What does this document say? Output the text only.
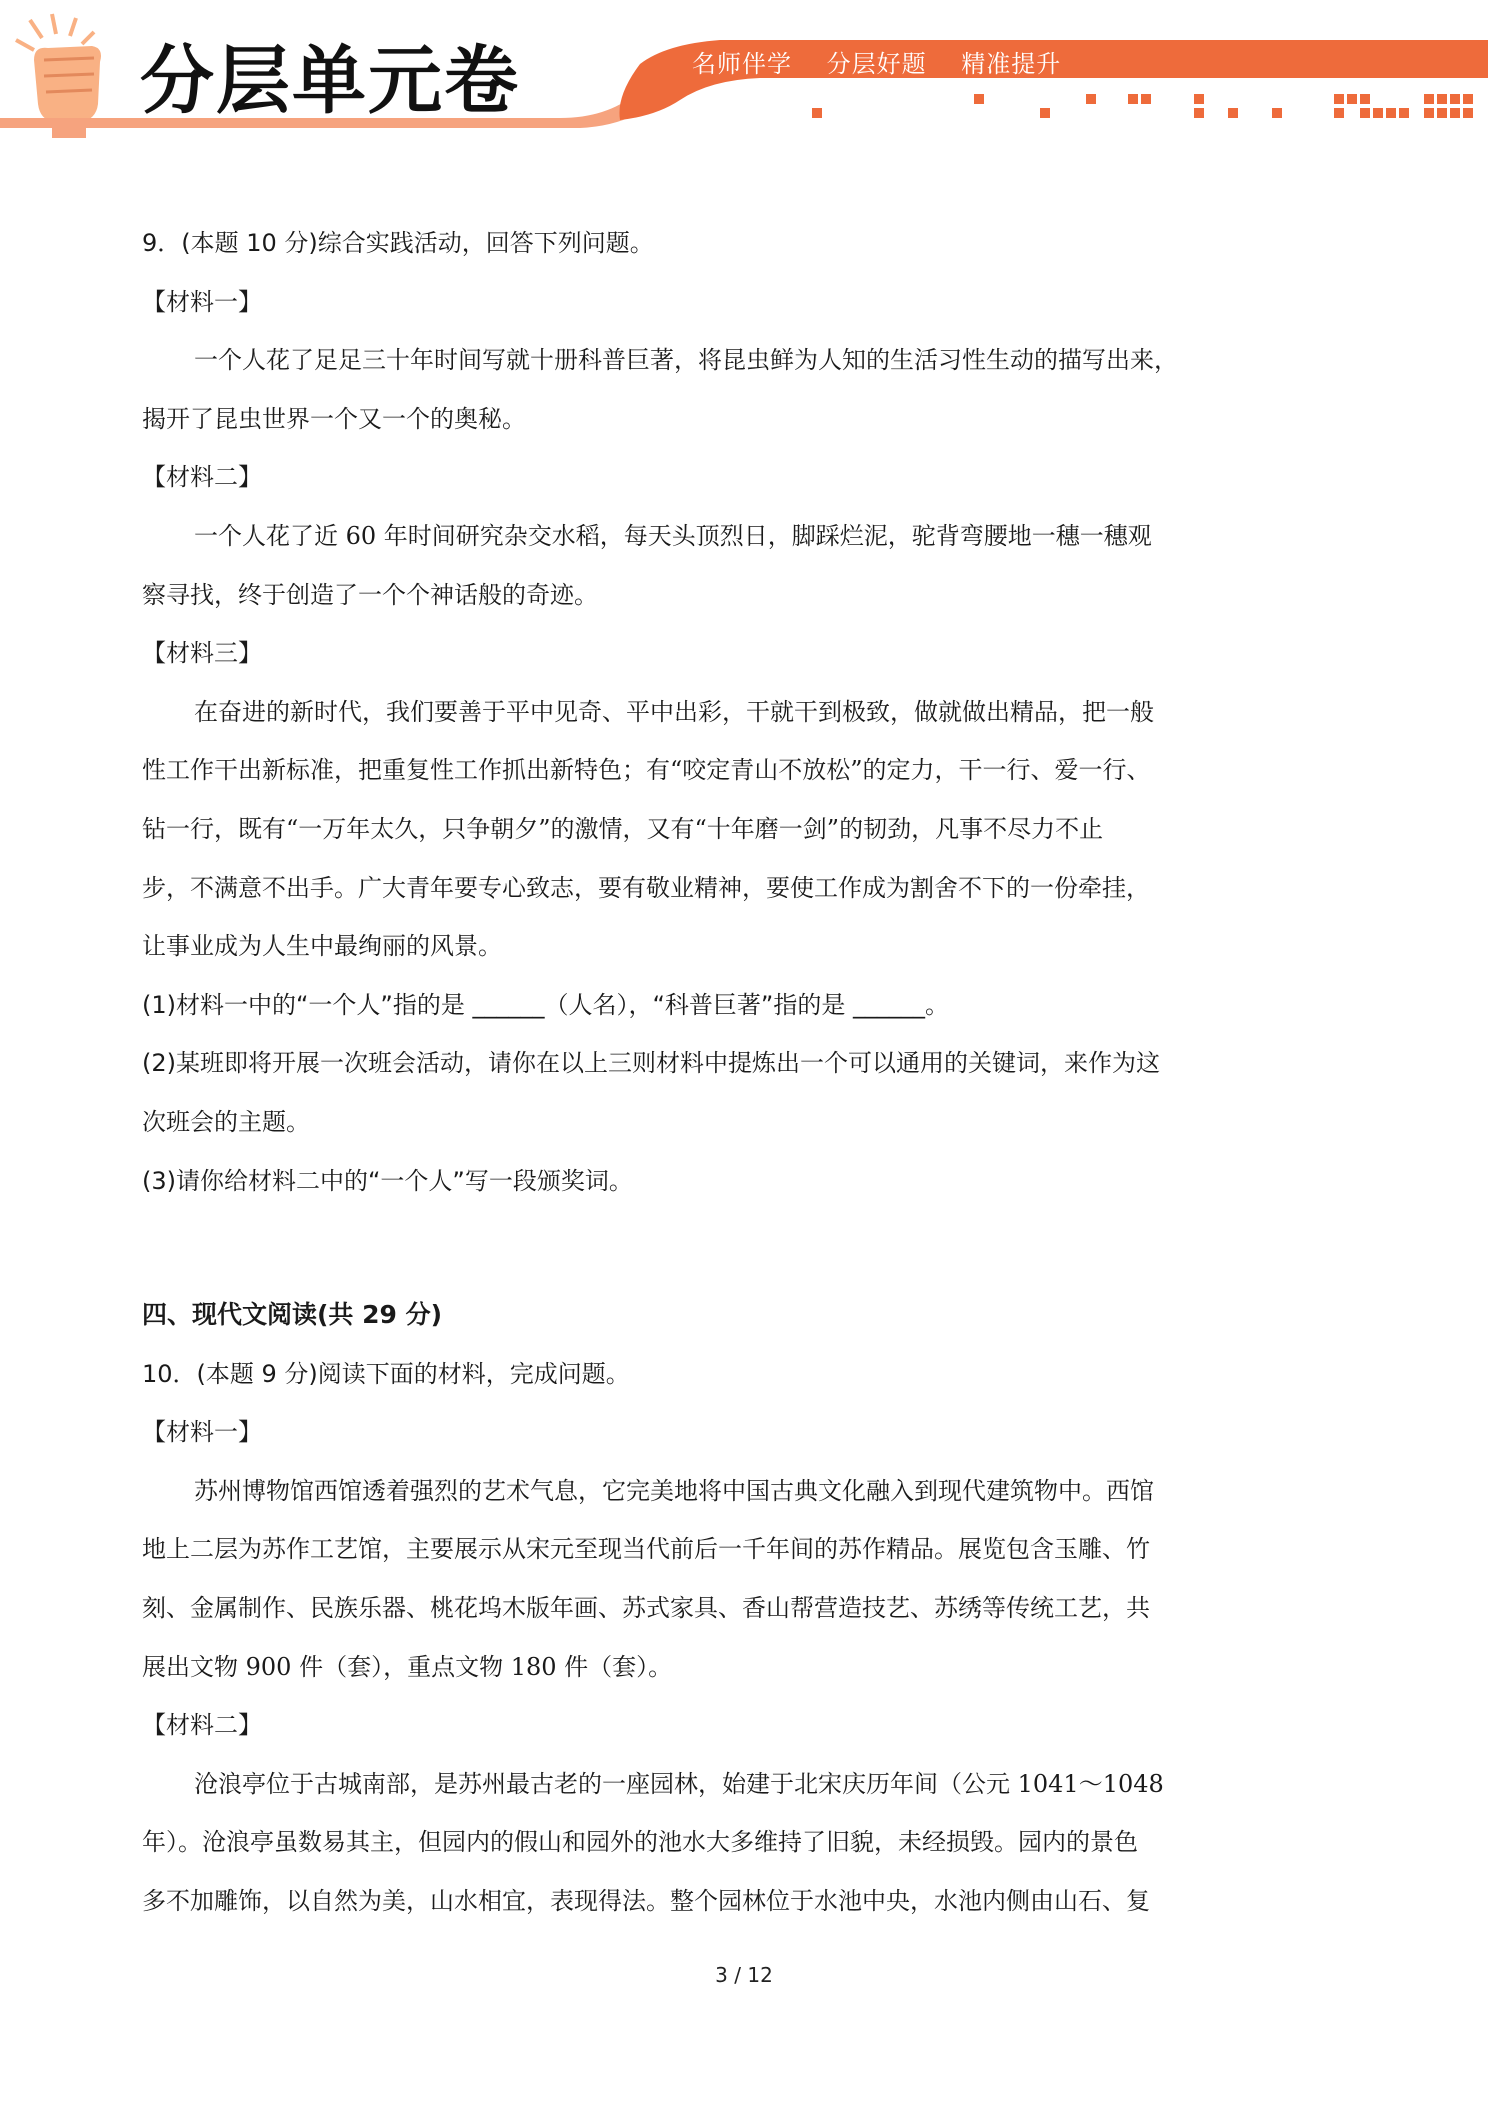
分层单元卷	名师伴学 分层好题 精准提升
9．(本题 10 分)综合实践活动，回答下列问题。
【材料一】
一个人花了足足三十年时间写就十册科普巨著，将昆虫鲜为人知的生活习性生动的描写出来，
揭开了昆虫世界一个又一个的奥秘。
【材料二】
一个人花了近 60 年时间研究杂交水稻，每天头顶烈日，脚踩烂泥，驼背弯腰地一穗一穗观
察寻找，终于创造了一个个神话般的奇迹。
【材料三】
在奋进的新时代，我们要善于平中见奇、平中出彩，干就干到极致，做就做出精品，把一般
性工作干出新标准，把重复性工作抓出新特色；有“咬定青山不放松”的定力，干一行、爱一行、
钻一行，既有“一万年太久，只争朝夕”的激情，又有“十年磨一剑”的韧劲，凡事不尽力不止
步，不满意不出手。广大青年要专心致志，要有敬业精神，要使工作成为割舍不下的一份牵挂，
让事业成为人生中最绚丽的风景。
(1)材料一中的“一个人”指的是 ______（人名），“科普巨著”指的是 ______。
(2)某班即将开展一次班会活动，请你在以上三则材料中提炼出一个可以通用的关键词，来作为这
次班会的主题。
(3)请你给材料二中的“一个人”写一段颁奖词。
四、现代文阅读(共 29 分)
10．(本题 9 分)阅读下面的材料，完成问题。
【材料一】
苏州博物馆西馆透着强烈的艺术气息，它完美地将中国古典文化融入到现代建筑物中。西馆
地上二层为苏作工艺馆，主要展示从宋元至现当代前后一千年间的苏作精品。展览包含玉雕、竹
刻、金属制作、民族乐器、桃花坞木版年画、苏式家具、香山帮营造技艺、苏绣等传统工艺，共
展出文物 900 件（套），重点文物 180 件（套）。
【材料二】
沧浪亭位于古城南部，是苏州最古老的一座园林，始建于北宋庆历年间（公元 1041～1048
年）。沧浪亭虽数易其主，但园内的假山和园外的池水大多维持了旧貌，未经损毁。园内的景色
多不加雕饰，以自然为美，山水相宜，表现得法。整个园林位于水池中央，水池内侧由山石、复
3 / 12
